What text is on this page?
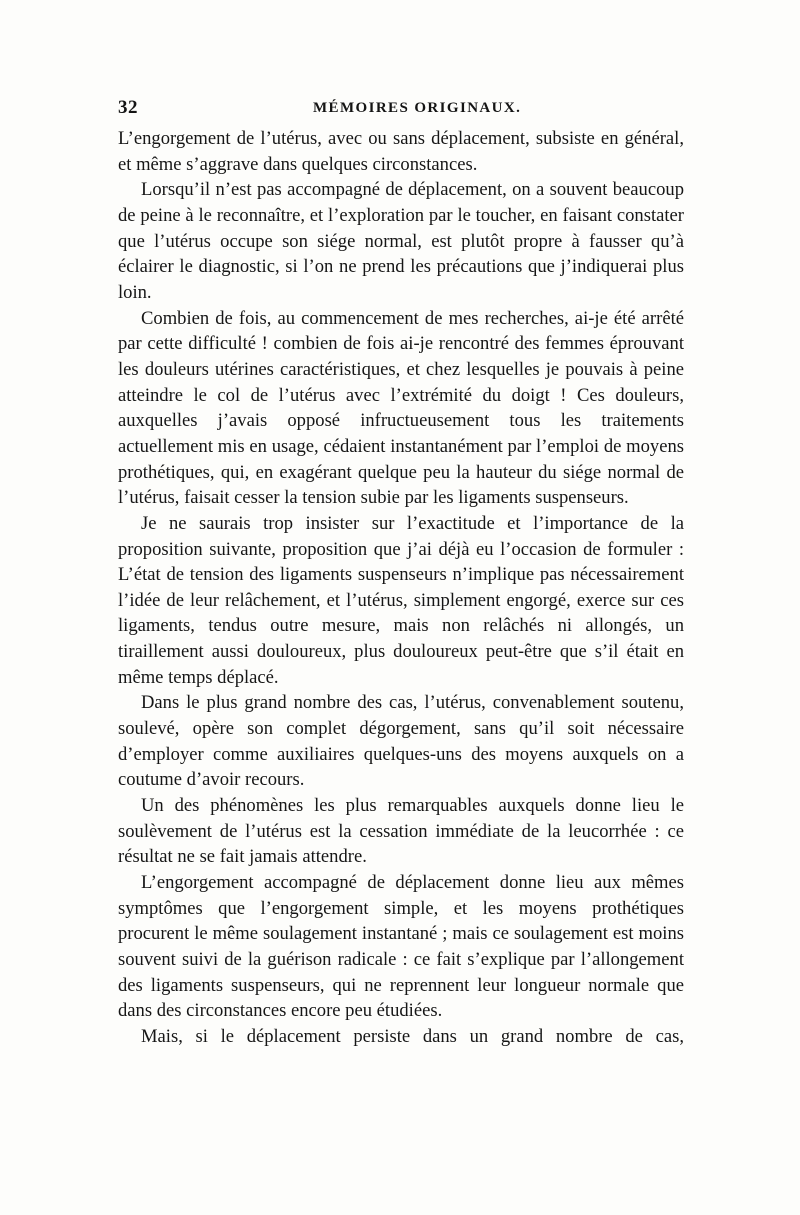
32	MÉMOIRES ORIGINAUX.

L’engorgement de l’utérus, avec ou sans déplacement, subsiste en général, et même s’aggrave dans quelques circonstances.

Lorsqu’il n’est pas accompagné de déplacement, on a souvent beaucoup de peine à le reconnaître, et l’exploration par le toucher, en faisant constater que l’utérus occupe son siége normal, est plutôt propre à fausser qu’à éclairer le diagnostic, si l’on ne prend les précautions que j’indiquerai plus loin.

Combien de fois, au commencement de mes recherches, ai-je été arrêté par cette difficulté ! combien de fois ai-je rencontré des femmes éprouvant les douleurs utérines caractéristiques, et chez lesquelles je pouvais à peine atteindre le col de l’utérus avec l’extrémité du doigt ! Ces douleurs, auxquelles j’avais opposé infructueusement tous les traitements actuellement mis en usage, cédaient instantanément par l’emploi de moyens prothétiques, qui, en exagérant quelque peu la hauteur du siége normal de l’utérus, faisait cesser la tension subie par les ligaments suspenseurs.

Je ne saurais trop insister sur l’exactitude et l’importance de la proposition suivante, proposition que j’ai déjà eu l’occasion de formuler : L’état de tension des ligaments suspenseurs n’implique pas nécessairement l’idée de leur relâchement, et l’utérus, simplement engorgé, exerce sur ces ligaments, tendus outre mesure, mais non relâchés ni allongés, un tiraillement aussi douloureux, plus douloureux peut-être que s’il était en même temps déplacé.

Dans le plus grand nombre des cas, l’utérus, convenablement soutenu, soulevé, opère son complet dégorgement, sans qu’il soit nécessaire d’employer comme auxiliaires quelques-uns des moyens auxquels on a coutume d’avoir recours.

Un des phénomènes les plus remarquables auxquels donne lieu le soulèvement de l’utérus est la cessation immédiate de la leucorrhée : ce résultat ne se fait jamais attendre.

L’engorgement accompagné de déplacement donne lieu aux mêmes symptômes que l’engorgement simple, et les moyens prothétiques procurent le même soulagement instantané ; mais ce soulagement est moins souvent suivi de la guérison radicale : ce fait s’explique par l’allongement des ligaments suspenseurs, qui ne reprennent leur longueur normale que dans des circonstances encore peu étudiées.

Mais, si le déplacement persiste dans un grand nombre de cas,
